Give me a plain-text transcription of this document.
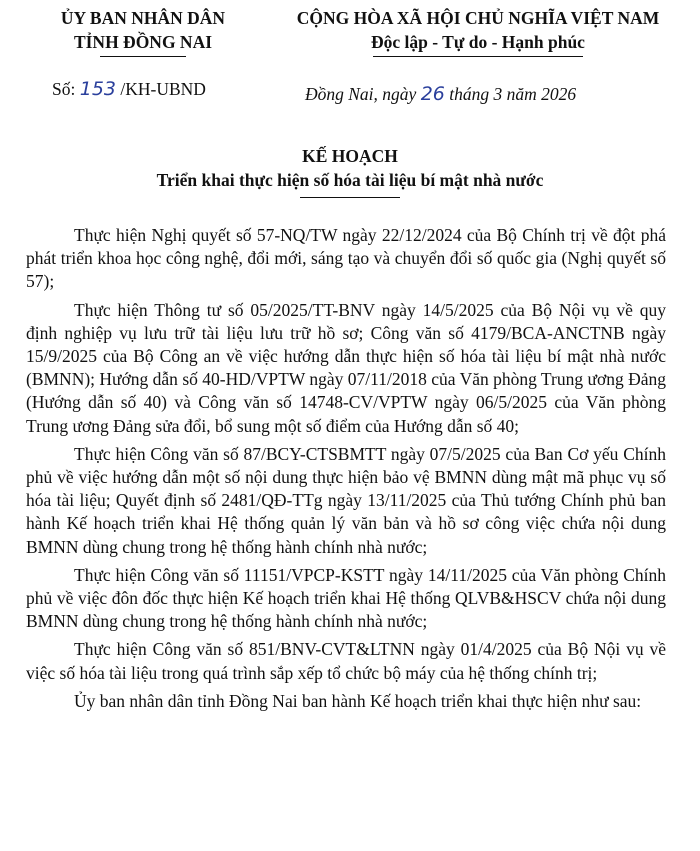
ỦY BAN NHÂN DÂN
TỈNH ĐỒNG NAI
CỘNG HÒA XÃ HỘI CHỦ NGHĨA VIỆT NAM
Độc lập - Tự do - Hạnh phúc
Số: 153 /KH-UBND	Đồng Nai, ngày 26 tháng 3 năm 2026
KẾ HOẠCH
Triển khai thực hiện số hóa tài liệu bí mật nhà nước

Thực hiện Nghị quyết số 57-NQ/TW ngày 22/12/2024 của Bộ Chính trị về đột phá phát triển khoa học công nghệ, đổi mới, sáng tạo và chuyển đổi số quốc gia (Nghị quyết số 57);

Thực hiện Thông tư số 05/2025/TT-BNV ngày 14/5/2025 của Bộ Nội vụ về quy định nghiệp vụ lưu trữ tài liệu lưu trữ hồ sơ; Công văn số 4179/BCA-ANCTNB ngày 15/9/2025 của Bộ Công an về việc hướng dẫn thực hiện số hóa tài liệu bí mật nhà nước (BMNN); Hướng dẫn số 40-HD/VPTW ngày 07/11/2018 của Văn phòng Trung ương Đảng (Hướng dẫn số 40) và Công văn số 14748-CV/VPTW ngày 06/5/2025 của Văn phòng Trung ương Đảng sửa đổi, bổ sung một số điểm của Hướng dẫn số 40;

Thực hiện Công văn số 87/BCY-CTSBMTT ngày 07/5/2025 của Ban Cơ yếu Chính phủ về việc hướng dẫn một số nội dung thực hiện bảo vệ BMNN dùng mật mã phục vụ số hóa tài liệu; Quyết định số 2481/QĐ-TTg ngày 13/11/2025 của Thủ tướng Chính phủ ban hành Kế hoạch triển khai Hệ thống quản lý văn bản và hồ sơ công việc chứa nội dung BMNN dùng chung trong hệ thống hành chính nhà nước;

Thực hiện Công văn số 11151/VPCP-KSTT ngày 14/11/2025 của Văn phòng Chính phủ về việc đôn đốc thực hiện Kế hoạch triển khai Hệ thống QLVB&HSCV chứa nội dung BMNN dùng chung trong hệ thống hành chính nhà nước;

Thực hiện Công văn số 851/BNV-CVT&LTNN ngày 01/4/2025 của Bộ Nội vụ về việc số hóa tài liệu trong quá trình sắp xếp tổ chức bộ máy của hệ thống chính trị;

Ủy ban nhân dân tỉnh Đồng Nai ban hành Kế hoạch triển khai thực hiện như sau:
